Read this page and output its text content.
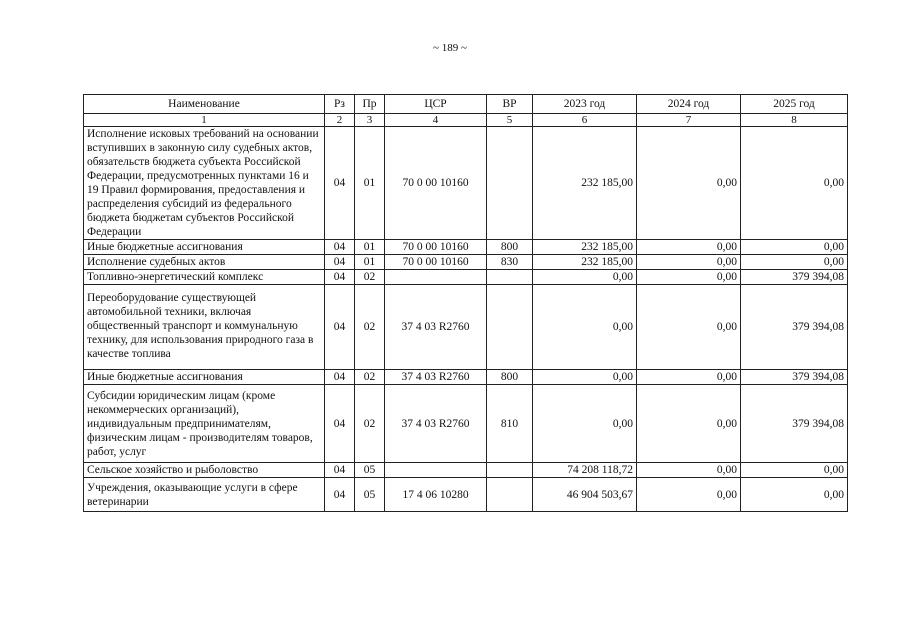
~ 189 ~
Наименование	Рз	Пр	ЦСР	ВР	2023 год	2024 год	2025 год
1	2	3	4	5	6	7	8
Исполнение исковых требований на основании вступивших в законную силу судебных актов, обязательств бюджета субъекта Российской Федерации, предусмотренных пунктами 16 и 19 Правил формирования, предоставления и распределения субсидий из федерального бюджета бюджетам субъектов Российской Федерации	04	01	70 0 00 10160		232 185,00	0,00	0,00
Иные бюджетные ассигнования	04	01	70 0 00 10160	800	232 185,00	0,00	0,00
Исполнение судебных актов	04	01	70 0 00 10160	830	232 185,00	0,00	0,00
Топливно-энергетический комплекс	04	02			0,00	0,00	379 394,08
Переоборудование существующей автомобильной техники, включая общественный транспорт и коммунальную технику, для использования природного газа в качестве топлива	04	02	37 4 03 R2760		0,00	0,00	379 394,08
Иные бюджетные ассигнования	04	02	37 4 03 R2760	800	0,00	0,00	379 394,08
Субсидии юридическим лицам (кроме некоммерческих организаций), индивидуальным предпринимателям, физическим лицам - производителям товаров, работ, услуг	04	02	37 4 03 R2760	810	0,00	0,00	379 394,08
Сельское хозяйство и рыболовство	04	05			74 208 118,72	0,00	0,00
Учреждения, оказывающие услуги в сфере ветеринарии	04	05	17 4 06 10280		46 904 503,67	0,00	0,00
